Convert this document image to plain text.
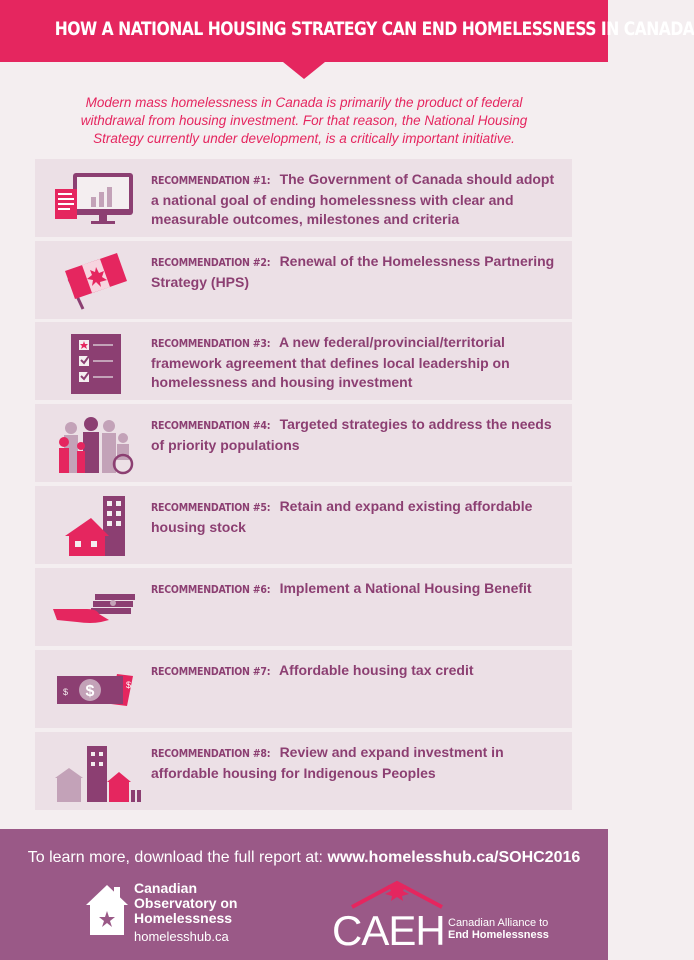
HOW A NATIONAL HOUSING STRATEGY CAN END HOMELESSNESS IN CANADA
Modern mass homelessness in Canada is primarily the product of federal withdrawal from housing investment. For that reason, the National Housing Strategy currently under development, is a critically important initiative.
RECOMMENDATION #1: The Government of Canada should adopt a national goal of ending homelessness with clear and measurable outcomes, milestones and criteria
RECOMMENDATION #2: Renewal of the Homelessness Partnering Strategy (HPS)
RECOMMENDATION #3: A new federal/provincial/territorial framework agreement that defines local leadership on homelessness and housing investment
RECOMMENDATION #4: Targeted strategies to address the needs of priority populations
RECOMMENDATION #5: Retain and expand existing affordable housing stock
RECOMMENDATION #6: Implement a National Housing Benefit
$
$
$
RECOMMENDATION #7: Affordable housing tax credit
RECOMMENDATION #8: Review and expand investment in affordable housing for Indigenous Peoples
To learn more, download the full report at: www.homelesshub.ca/SOHC2016
Canadian
Observatory on
Homelessness
homelesshub.ca CAEH Canadian Alliance to
End Homelessness
